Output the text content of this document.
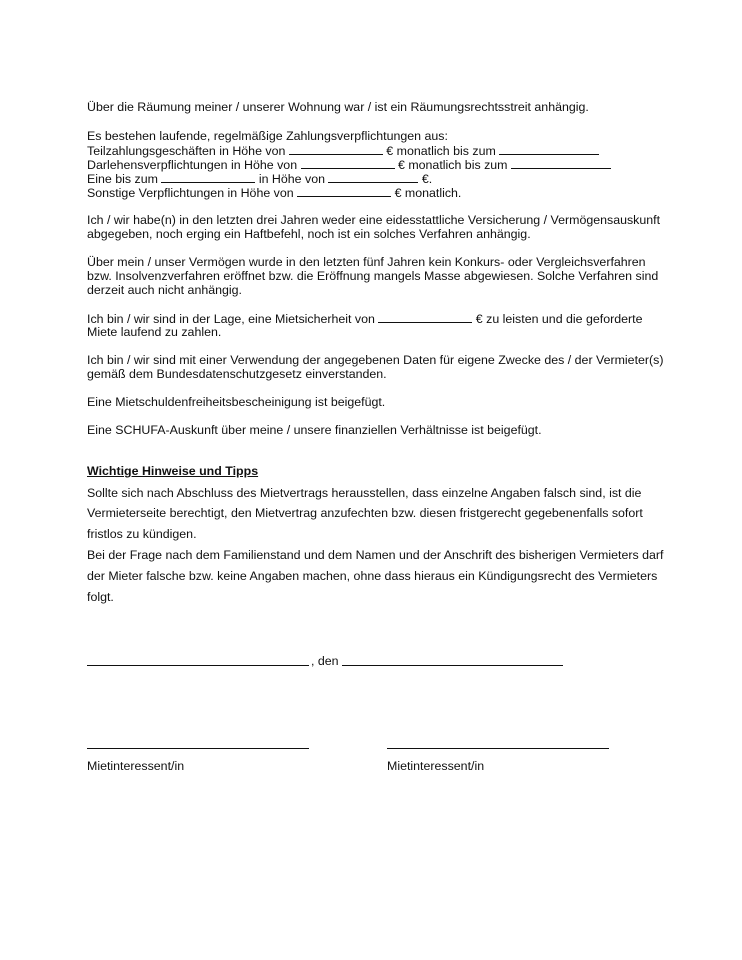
Über die Räumung meiner / unserer Wohnung war / ist ein Räumungsrechtsstreit anhängig.
Es bestehen laufende, regelmäßige Zahlungsverpflichtungen aus:
Teilzahlungsgeschäften in Höhe von	€ monatlich bis zum
Darlehensverpflichtungen in Höhe von	€ monatlich bis zum
Eine bis zum	in Höhe von	€.
Sonstige Verpflichtungen in Höhe von	€ monatlich.
Ich / wir habe(n) in den letzten drei Jahren weder eine eidesstattliche Versicherung / Vermögensauskunft
abgegeben, noch erging ein Haftbefehl, noch ist ein solches Verfahren anhängig.
Über mein / unser Vermögen wurde in den letzten fünf Jahren kein Konkurs- oder Vergleichsverfahren
bzw. Insolvenzverfahren eröffnet bzw. die Eröffnung mangels Masse abgewiesen. Solche Verfahren sind
derzeit auch nicht anhängig.
Ich bin / wir sind in der Lage, eine Mietsicherheit von	€ zu leisten und die geforderte
Miete laufend zu zahlen.
Ich bin / wir sind mit einer Verwendung der angegebenen Daten für eigene Zwecke des / der Vermieter(s)
gemäß dem Bundesdatenschutzgesetz einverstanden.
Eine Mietschuldenfreiheitsbescheinigung ist beigefügt.
Eine SCHUFA-Auskunft über meine / unsere finanziellen Verhältnisse ist beigefügt.
Wichtige Hinweise und Tipps
Sollte sich nach Abschluss des Mietvertrags herausstellen, dass einzelne Angaben falsch sind, ist die
Vermieterseite berechtigt, den Mietvertrag anzufechten bzw. diesen fristgerecht gegebenenfalls sofort
fristlos zu kündigen.
Bei der Frage nach dem Familienstand und dem Namen und der Anschrift des bisherigen Vermieters darf
der Mieter falsche bzw. keine Angaben machen, ohne dass hieraus ein Kündigungsrecht des Vermieters
folgt.
, den
Mietinteressent/in	Mietinteressent/in
